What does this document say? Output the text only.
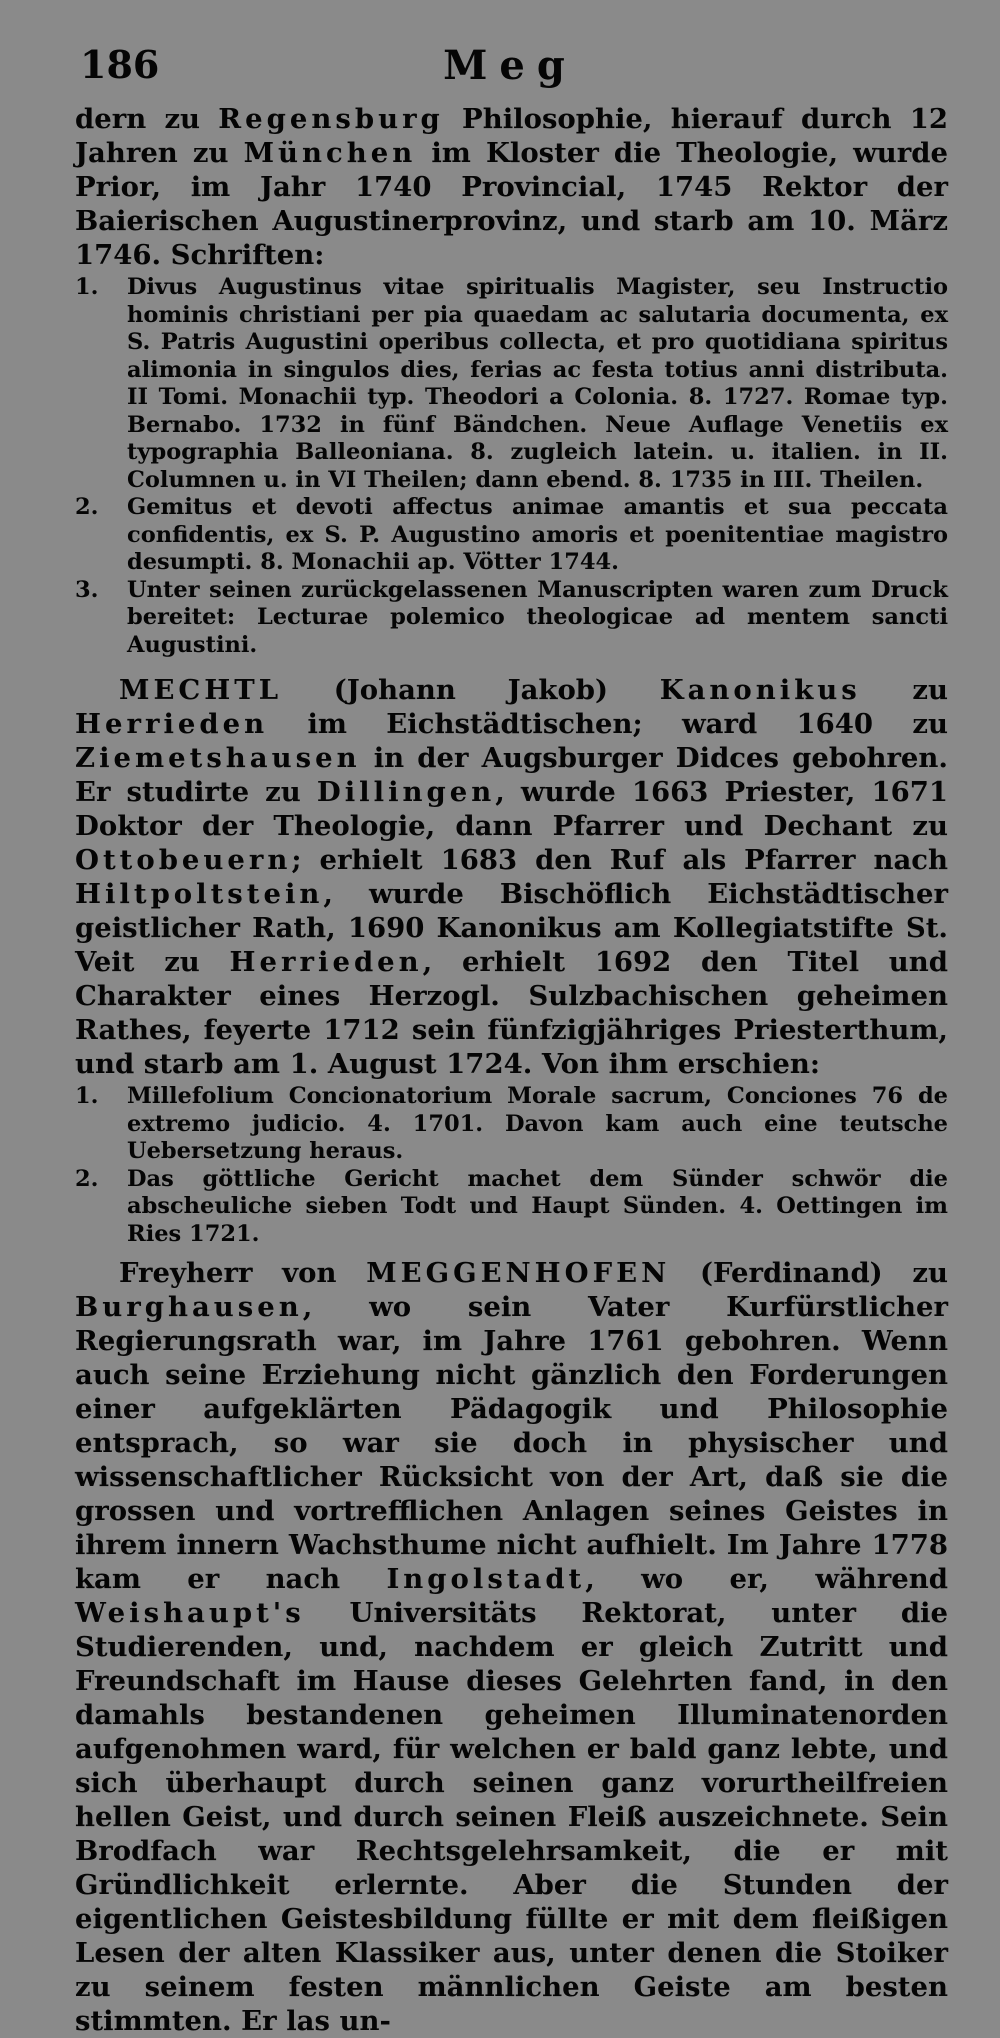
186	Meg

dern zu Regensburg Philosophie, hierauf durch 12 Jahren zu München im Kloster die Theologie, wurde Prior, im Jahr 1740 Provincial, 1745 Rektor der Baierischen Augustinerprovinz, und starb am 10. März 1746. Schriften:

1. Divus Augustinus vitae spiritualis Magister, seu Instructio hominis christiani per pia quaedam ac salutaria documenta, ex S. Patris Augustini operibus collecta, et pro quotidiana spiritus alimonia in singulos dies, ferias ac festa totius anni distributa. II Tomi. Monachii typ. Theodori a Colonia. 8. 1727. Romae typ. Bernabo. 1732 in fünf Bändchen. Neue Auflage Venetiis ex typographia Balleoniana. 8. zugleich latein. u. italien. in II. Columnen u. in VI Theilen; dann ebend. 8. 1735 in III. Theilen.
2. Gemitus et devoti affectus animae amantis et sua peccata confidentis, ex S. P. Augustino amoris et poenitentiae magistro desumpti. 8. Monachii ap. Vötter 1744.
3. Unter seinen zurückgelassenen Manuscripten waren zum Druck bereitet: Lecturae polemico theologicae ad mentem sancti Augustini.

MECHTL (Johann Jakob) Kanonikus zu Herrieden im Eichstädtischen; ward 1640 zu Ziemetshausen in der Augsburger Didces gebohren. Er studirte zu Dillingen, wurde 1663 Priester, 1671 Doktor der Theologie, dann Pfarrer und Dechant zu Ottobeuern; erhielt 1683 den Ruf als Pfarrer nach Hiltpoltstein, wurde Bischöflich Eichstädtischer geistlicher Rath, 1690 Kanonikus am Kollegiatstifte St. Veit zu Herrieden, erhielt 1692 den Titel und Charakter eines Herzogl. Sulzbachischen geheimen Rathes, feyerte 1712 sein fünfzigjähriges Priesterthum, und starb am 1. August 1724. Von ihm erschien:

1. Millefolium Concionatorium Morale sacrum, Conciones 76 de extremo judicio. 4. 1701. Davon kam auch eine teutsche Uebersetzung heraus.
2. Das göttliche Gericht machet dem Sünder schwör die abscheuliche sieben Todt und Haupt Sünden. 4. Oettingen im Ries 1721.

Freyherr von MEGGENHOFEN (Ferdinand) zu Burghausen, wo sein Vater Kurfürstlicher Regierungsrath war, im Jahre 1761 gebohren. Wenn auch seine Erziehung nicht gänzlich den Forderungen einer aufgeklärten Pädagogik und Philosophie entsprach, so war sie doch in physischer und wissenschaftlicher Rücksicht von der Art, daß sie die grossen und vortrefflichen Anlagen seines Geistes in ihrem innern Wachsthume nicht aufhielt. Im Jahre 1778 kam er nach Ingolstadt, wo er, während Weishaupt's Universitäts Rektorat, unter die Studierenden, und, nachdem er gleich Zutritt und Freundschaft im Hause dieses Gelehrten fand, in den damahls bestandenen geheimen Illuminatenorden aufgenohmen ward, für welchen er bald ganz lebte, und sich überhaupt durch seinen ganz vorurtheilfreien hellen Geist, und durch seinen Fleiß auszeichnete. Sein Brodfach war Rechtsgelehrsamkeit, die er mit Gründlichkeit erlernte. Aber die Stunden der eigentlichen Geistesbildung füllte er mit dem fleißigen Lesen der alten Klassiker aus, unter denen die Stoiker zu seinem festen männlichen Geiste am besten stimmten. Er las un-
